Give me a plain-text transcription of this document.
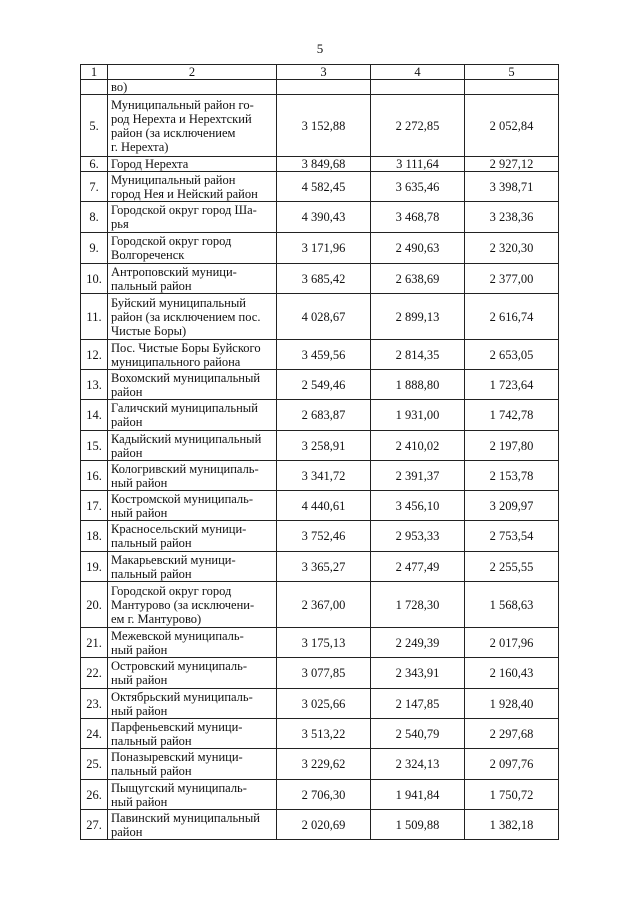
5
1	2	3	4	5
	во)			
5.	Муниципальный район го-
род Нерехта и Нерехтский
район (за исключением
г. Нерехта)	3 152,88	2 272,85	2 052,84
6.	Город Нерехта	3 849,68	3 111,64	2 927,12
7.	Муниципальный район
город Нея и Нейский район	4 582,45	3 635,46	3 398,71
8.	Городской округ город Ша-
рья	4 390,43	3 468,78	3 238,36
9.	Городской округ город
Волгореченск	3 171,96	2 490,63	2 320,30
10.	Антроповский муници-
пальный район	3 685,42	2 638,69	2 377,00
11.	Буйский муниципальный
район (за исключением пос.
Чистые Боры)	4 028,67	2 899,13	2 616,74
12.	Пос. Чистые Боры Буйского
муниципального района	3 459,56	2 814,35	2 653,05
13.	Вохомский муниципальный
район	2 549,46	1 888,80	1 723,64
14.	Галичский муниципальный
район	2 683,87	1 931,00	1 742,78
15.	Кадыйский муниципальный
район	3 258,91	2 410,02	2 197,80
16.	Кологривский муниципаль-
ный район	3 341,72	2 391,37	2 153,78
17.	Костромской муниципаль-
ный район	4 440,61	3 456,10	3 209,97
18.	Красносельский муници-
пальный район	3 752,46	2 953,33	2 753,54
19.	Макарьевский муници-
пальный район	3 365,27	2 477,49	2 255,55
20.	Городской округ город
Мантурово (за исключени-
ем г. Мантурово)	2 367,00	1 728,30	1 568,63
21.	Межевской муниципаль-
ный район	3 175,13	2 249,39	2 017,96
22.	Островский муниципаль-
ный район	3 077,85	2 343,91	2 160,43
23.	Октябрьский муниципаль-
ный район	3 025,66	2 147,85	1 928,40
24.	Парфеньевский муници-
пальный район	3 513,22	2 540,79	2 297,68
25.	Поназыревский муници-
пальный район	3 229,62	2 324,13	2 097,76
26.	Пыщугский муниципаль-
ный район	2 706,30	1 941,84	1 750,72
27.	Павинский муниципальный
район	2 020,69	1 509,88	1 382,18
